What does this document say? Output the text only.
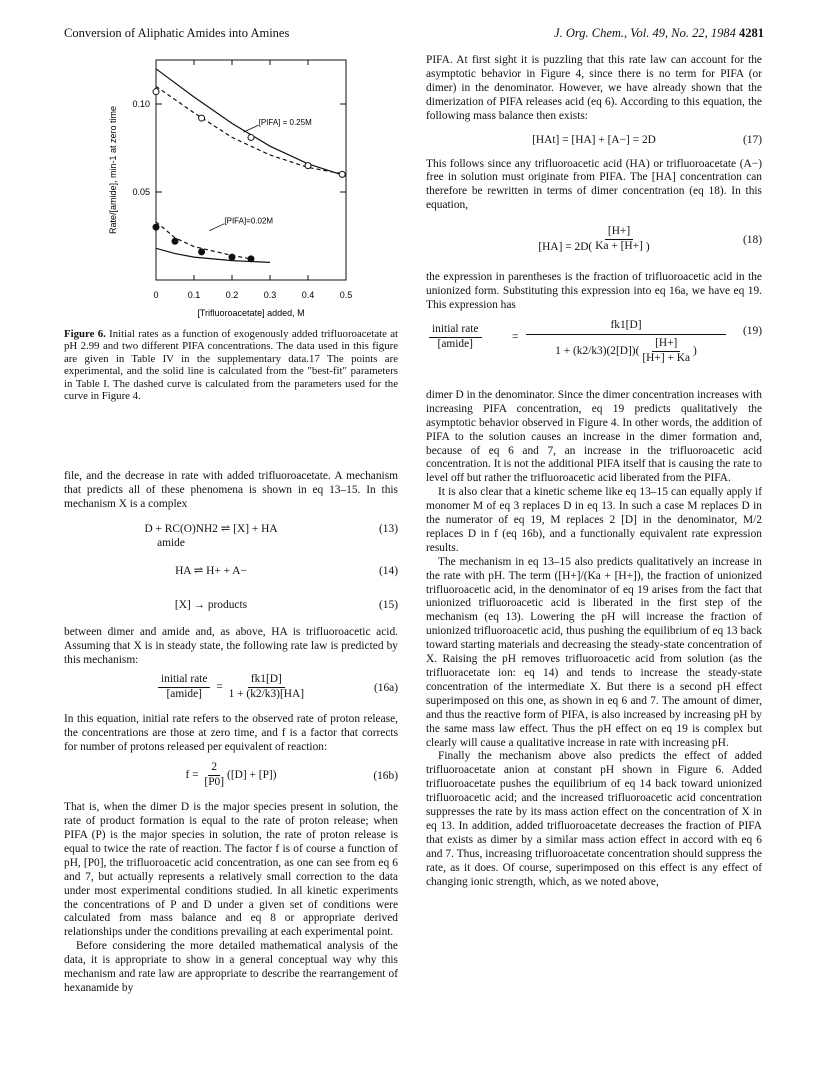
Conversion of Aliphatic Amides into Amines	J. Org. Chem., Vol. 49, No. 22, 1984 4281
0	0.1	0.2	0.3	0.4	0.5
0.05
0.10
[Trifluoroacetate] added, M
Rate/[amide], min-1 at zero time	[PIFA] = 0.25M
[PIFA]=0.02M
Figure 6. Initial rates as a function of exogenously added trifluoroacetate at pH 2.99 and two different PIFA concentrations. The data used in this figure are given in Table IV in the supplementary data.17 The points are experimental, and the solid line is calculated from the "best-fit" parameters in Table I. The dashed curve is calculated from the parameters used for the curve in Figure 4.

file, and the decrease in rate with added trifluoroacetate. A mechanism that predicts all of these phenomena is shown in eq 13–15. In this mechanism X is a complex

D + RC(O)NH2 ⇌ [X] + HA
amide
(13)
HA ⇌ H+ + A−	(14)
[X] → products	(15)

between dimer and amide and, as above, HA is trifluoroacetic acid. Assuming that X is in steady state, the following rate law is predicted by this mechanism:

$\frac{\text{initial rate}}{\text{[amide]}} = \frac{fk1[D]}{1 + (k2/k3)[HA]}$	(16a)

In this equation, initial rate refers to the observed rate of proton release, the concentrations are those at zero time, and f is a factor that corrects for number of protons released per equivalent of reaction:

$f = \frac{2}{[P0]} ([D] + [P])$	(16b)

That is, when the dimer D is the major species present in solution, the rate of product formation is equal to the rate of proton release; when PIFA (P) is the major species in solution, the rate of proton release is equal to twice the rate of reaction. The factor f is of course a function of pH, [P0], the trifluoroacetic acid concentration, as one can see from eq 6 and 7, but actually represents a relatively small correction to the data under most experimental conditions studied. In all kinetic experiments the concentrations of P and D under a given set of conditions were calculated from mass balance and eq 8 or appropriate derived relationships under the conditions prevailing at each experimental point.

Before considering the more detailed mathematical analysis of the data, it is appropriate to show in a general conceptual way why this mechanism and rate law are appropriate to describe the rearrangement of hexanamide by

PIFA. At first sight it is puzzling that this rate law can account for the asymptotic behavior in Figure 4, since there is no term for PIFA (or dimer) in the denominator. However, we have already shown that the dimerization of PIFA releases acid (eq 6). According to this equation, the following mass balance then exists:

[HAt] = [HA] + [A−] = 2D	(17)

This follows since any trifluoroacetic acid (HA) or trifluoroacetate (A−) free in solution must originate from PIFA. The [HA] concentration can therefore be rewritten in terms of dimer concentration (eq 18). In this equation,

$[HA] = 2D( \frac{[H+]}{Ka + [H+]}$ )
(18)

the expression in parentheses is the fraction of trifluoroacetic acid in the unionized form. Substituting this expression into eq 16a, we have eq 19. This expression has

initial rate
[amide]
=
fk1[D]
$1 + (k2/k3)(2[D])( \frac{[H+]}{[H+] + Ka}$ )
(19)

dimer D in the denominator. Since the dimer concentration increases with increasing PIFA concentration, eq 19 predicts qualitatively the asymptotic behavior observed in Figure 4. In other words, the addition of PIFA to the solution causes an increase in the dimer formation and, because of eq 6 and 7, an increase in the trifluoroacetic acid concentration. It is not the additional PIFA itself that is causing the rate to level off but rather the trifluoroacetic acid liberated from the PIFA.

It is also clear that a kinetic scheme like eq 13–15 can equally apply if monomer M of eq 3 replaces D in eq 13. In such a case M replaces D in the numerator of eq 19, M replaces 2 [D] in the denominator, M/2 replaces D in f (eq 16b), and a functionally equivalent rate expression results.

The mechanism in eq 13–15 also predicts qualitatively an increase in the rate with pH. The term ([H+]/(Ka + [H+]), the fraction of unionized trifluoroacetic acid, in the denominator of eq 19 arises from the fact that unionized trifluoroacetic acid is liberated in the first step of the mechanism (eq 13). Lowering the pH will increase the fraction of unionized trifluoroacetic acid, thus pushing the equilibrium of eq 13 back toward starting materials and decreasing the steady-state concentration of X. Raising the pH removes trifluoroacetic acid from solution (as the trifluoracetate ion: eq 14) and tends to increase the steady-state concentration of the intermediate X. But there is a second pH effect superimposed on this one, as shown in eq 6 and 7. The amount of dimer, and thus the reactive form of PIFA, is also increased by increasing pH by the same mass law effect. Thus the pH effect on eq 19 is complex but clearly will cause a qualitative increase in rate with increasing pH.

Finally the mechanism above also predicts the effect of added trifluoroacetate anion at constant pH shown in Figure 6. Added trifluoroacetate pushes the equilibrium of eq 14 back toward unionized trifluoroacetic acid; and the increased trifluoroacetic acid concentration suppresses the rate by its mass action effect on the concentration of X in eq 13. In addition, added trifluoroacetate decreases the fraction of PIFA that exists as dimer by a similar mass action effect in accord with eq 6 and 7. Thus, increasing trifluoroacetate concentration should suppress the rate, as it does. Of course, superimposed on this effect is any effect of changing ionic strength, which, as we noted above,
